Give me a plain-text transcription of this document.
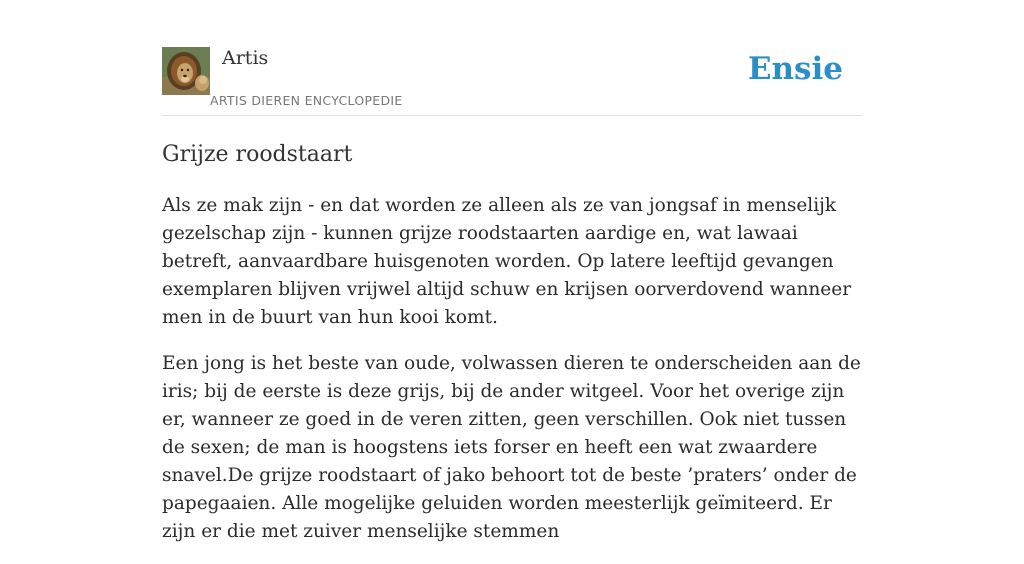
Artis
ARTIS DIEREN ENCYCLOPEDIE
Ensie
Grijze roodstaart

Als ze mak zijn - en dat worden ze alleen als ze van jongsaf in menselijk gezelschap zijn - kunnen grijze roodstaarten aardige en, wat lawaai betreft, aanvaardbare huisgenoten worden. Op latere leeftijd gevangen exemplaren blijven vrijwel altijd schuw en krijsen oorverdovend wanneer men in de buurt van hun kooi komt.

Een jong is het beste van oude, volwassen dieren te onderscheiden aan de iris; bij de eerste is deze grijs, bij de ander witgeel. Voor het overige zijn er, wanneer ze goed in de veren zitten, geen verschillen. Ook niet tussen de sexen; de man is hoogstens iets forser en heeft een wat zwaardere snavel.De grijze roodstaart of jako behoort tot de beste ’praters’ onder de papegaaien. Alle mogelijke geluiden worden meesterlijk geïmiteerd. Er zijn er die met zuiver menselijke stemmen
